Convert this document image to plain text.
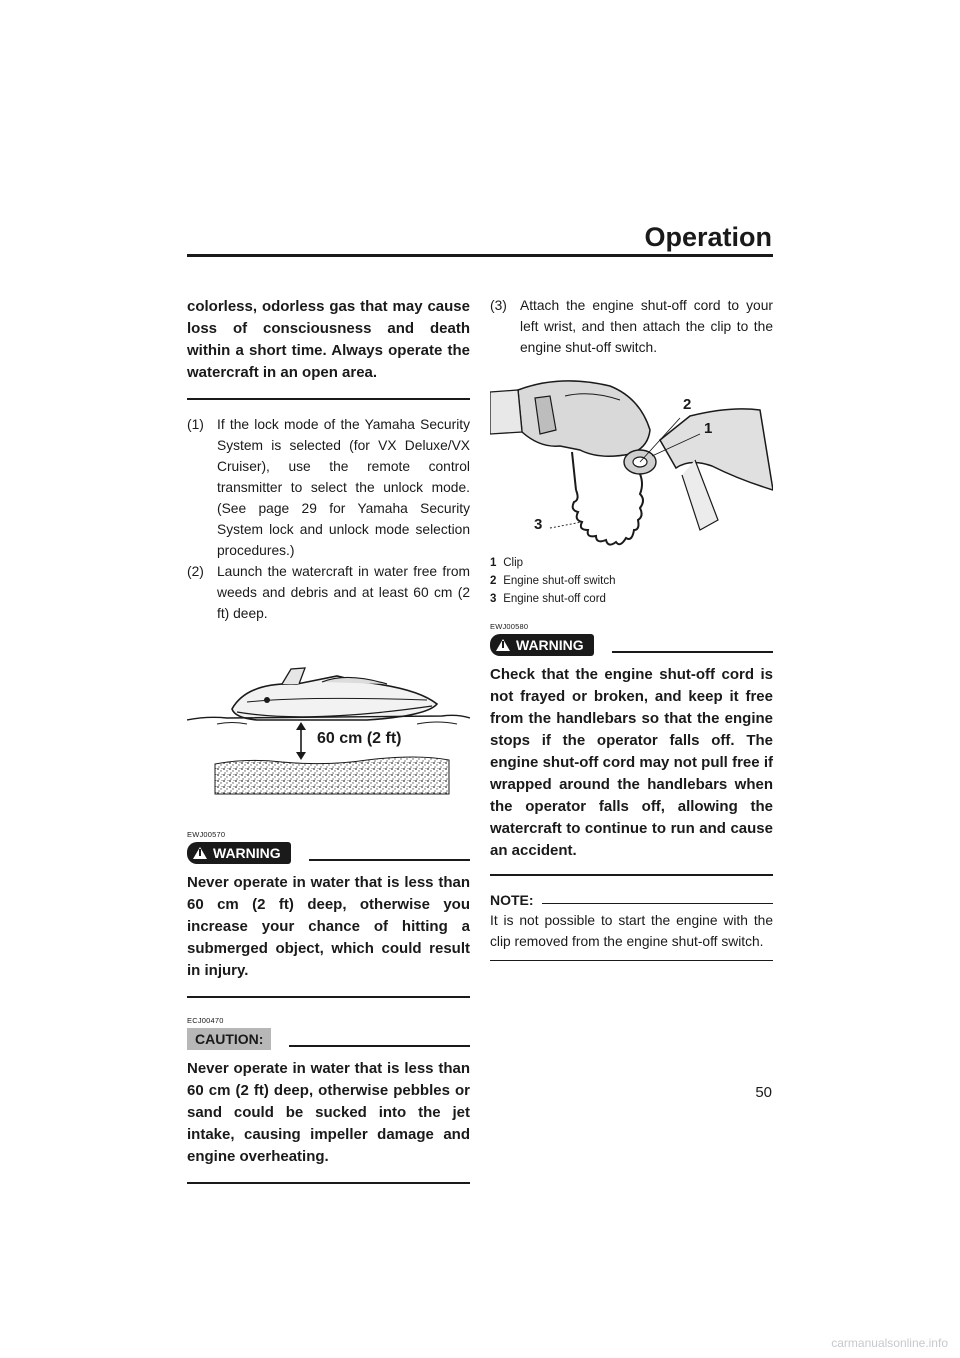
Operation

colorless, odorless gas that may cause loss of consciousness and death within a short time. Always operate the watercraft in an open area.

(1) If the lock mode of the Yamaha Security System is selected (for VX Deluxe/VX Cruiser), use the remote control transmitter to select the unlock mode. (See page 29 for Yamaha Security System lock and unlock mode selection procedures.)
(2) Launch the watercraft in water free from weeds and debris and at least 60 cm (2 ft) deep.
60 cm (2 ft)
EWJ00570
WARNING

Never operate in water that is less than 60 cm (2 ft) deep, otherwise you increase your chance of hitting a submerged object, which could result in injury.

ECJ00470
CAUTION:

Never operate in water that is less than 60 cm (2 ft) deep, otherwise pebbles or sand could be sucked into the jet intake, causing impeller damage and engine overheating.

(3) Attach the engine shut-off cord to your left wrist, and then attach the clip to the engine shut-off switch.
2
1
3
1 Clip
2 Engine shut-off switch
3 Engine shut-off cord
EWJ00580
WARNING

Check that the engine shut-off cord is not frayed or broken, and keep it free from the handlebars so that the engine stops if the operator falls off. The engine shut-off cord may not pull free if wrapped around the handlebars when the operator falls off, allowing the watercraft to continue to run and cause an accident.

NOTE:

It is not possible to start the engine with the clip removed from the engine shut-off switch.

50
carmanualsonline.info
